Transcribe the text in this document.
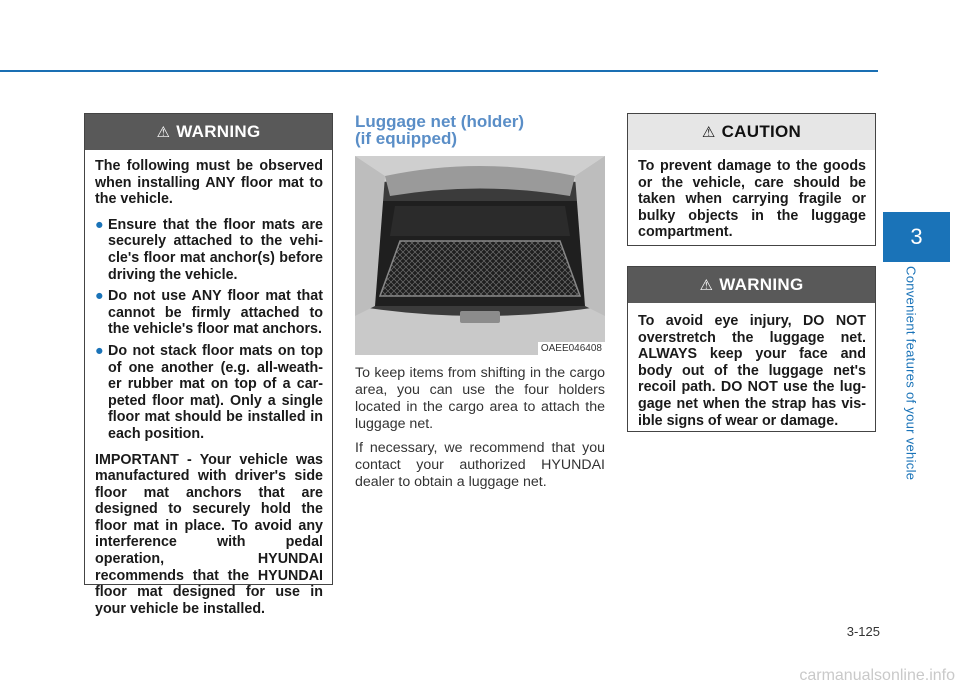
⚠ WARNING

The following must be observed when installing ANY floor mat to the vehicle.

● Ensure that the floor mats are securely attached to the vehi-cle's floor mat anchor(s) before driving the vehicle.
● Do not use ANY floor mat that cannot be firmly attached to the vehicle's floor mat anchors.
● Do not stack floor mats on top of one another (e.g. all-weath-er rubber mat on top of a car-peted floor mat). Only a single floor mat should be installed in each position.

IMPORTANT - Your vehicle was manufactured with driver's side floor mat anchors that are designed to securely hold the floor mat in place. To avoid any interference with pedal operation, HYUNDAI recommends that the HYUNDAI floor mat designed for use in your vehicle be installed.

Luggage net (holder)
(if equipped)
OAEE046408

To keep items from shifting in the cargo area, you can use the four holders located in the cargo area to attach the luggage net.

If necessary, we recommend that you contact your authorized HYUNDAI dealer to obtain a luggage net.

⚠ CAUTION

To prevent damage to the goods or the vehicle, care should be taken when carrying fragile or bulky objects in the luggage compartment.

⚠ WARNING

To avoid eye injury, DO NOT overstretch the luggage net. ALWAYS keep your face and body out of the luggage net's recoil path. DO NOT use the lug-gage net when the strap has vis-ible signs of wear or damage.

3
Convenient features of your vehicle
3-125
carmanualsonline.info
